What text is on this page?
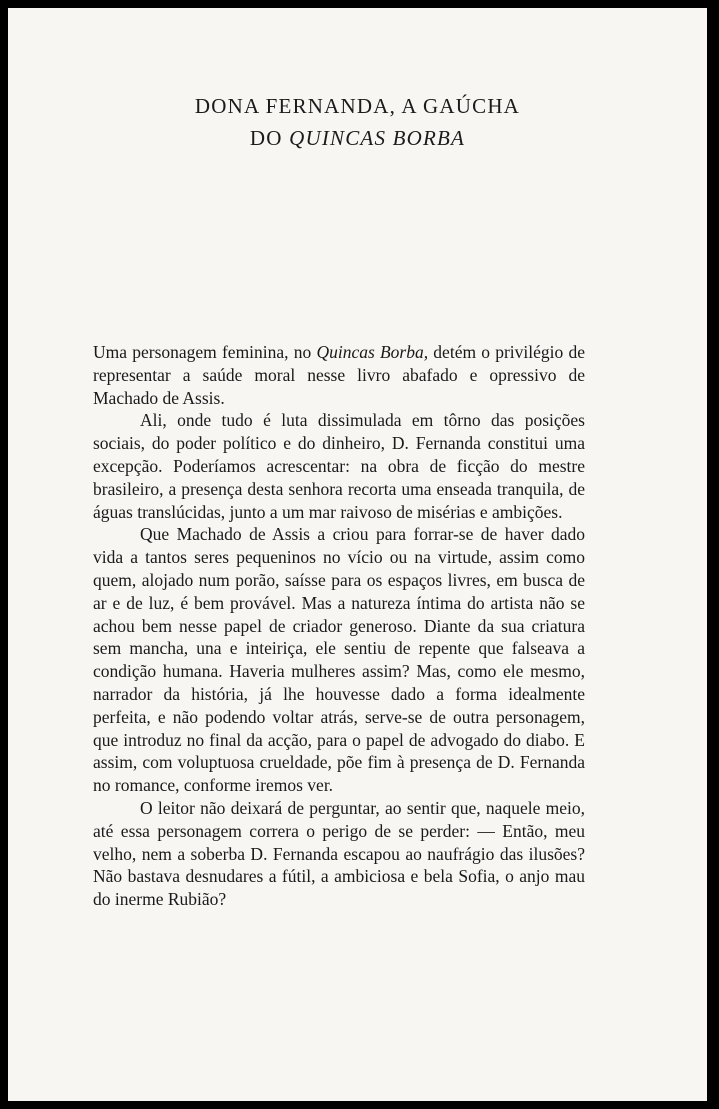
DONA FERNANDA, A GAÚCHA
DO QUINCAS BORBA

Uma personagem feminina, no Quincas Borba, detém o privilégio de representar a saúde moral nesse livro abafado e opressivo de Machado de Assis.

Ali, onde tudo é luta dissimulada em tôrno das posições sociais, do poder político e do dinheiro, D. Fernanda constitui uma excepção. Poderíamos acrescentar: na obra de ficção do mestre brasileiro, a presença desta senhora recorta uma enseada tranquila, de águas translúcidas, junto a um mar raivoso de misérias e ambições.

Que Machado de Assis a criou para forrar-se de haver dado vida a tantos seres pequeninos no vício ou na virtude, assim como quem, alojado num porão, saísse para os espaços livres, em busca de ar e de luz, é bem provável. Mas a natureza íntima do artista não se achou bem nesse papel de criador generoso. Diante da sua criatura sem mancha, una e inteiriça, ele sentiu de repente que falseava a condição humana. Haveria mulheres assim? Mas, como ele mesmo, narrador da história, já lhe houvesse dado a forma idealmente perfeita, e não podendo voltar atrás, serve-se de outra personagem, que introduz no final da acção, para o papel de advogado do diabo. E assim, com voluptuosa crueldade, põe fim à presença de D. Fernanda no romance, conforme iremos ver.

O leitor não deixará de perguntar, ao sentir que, naquele meio, até essa personagem correra o perigo de se perder: — Então, meu velho, nem a soberba D. Fernanda escapou ao naufrágio das ilusões? Não bastava desnudares a fútil, a ambiciosa e bela Sofia, o anjo mau do inerme Rubião?
